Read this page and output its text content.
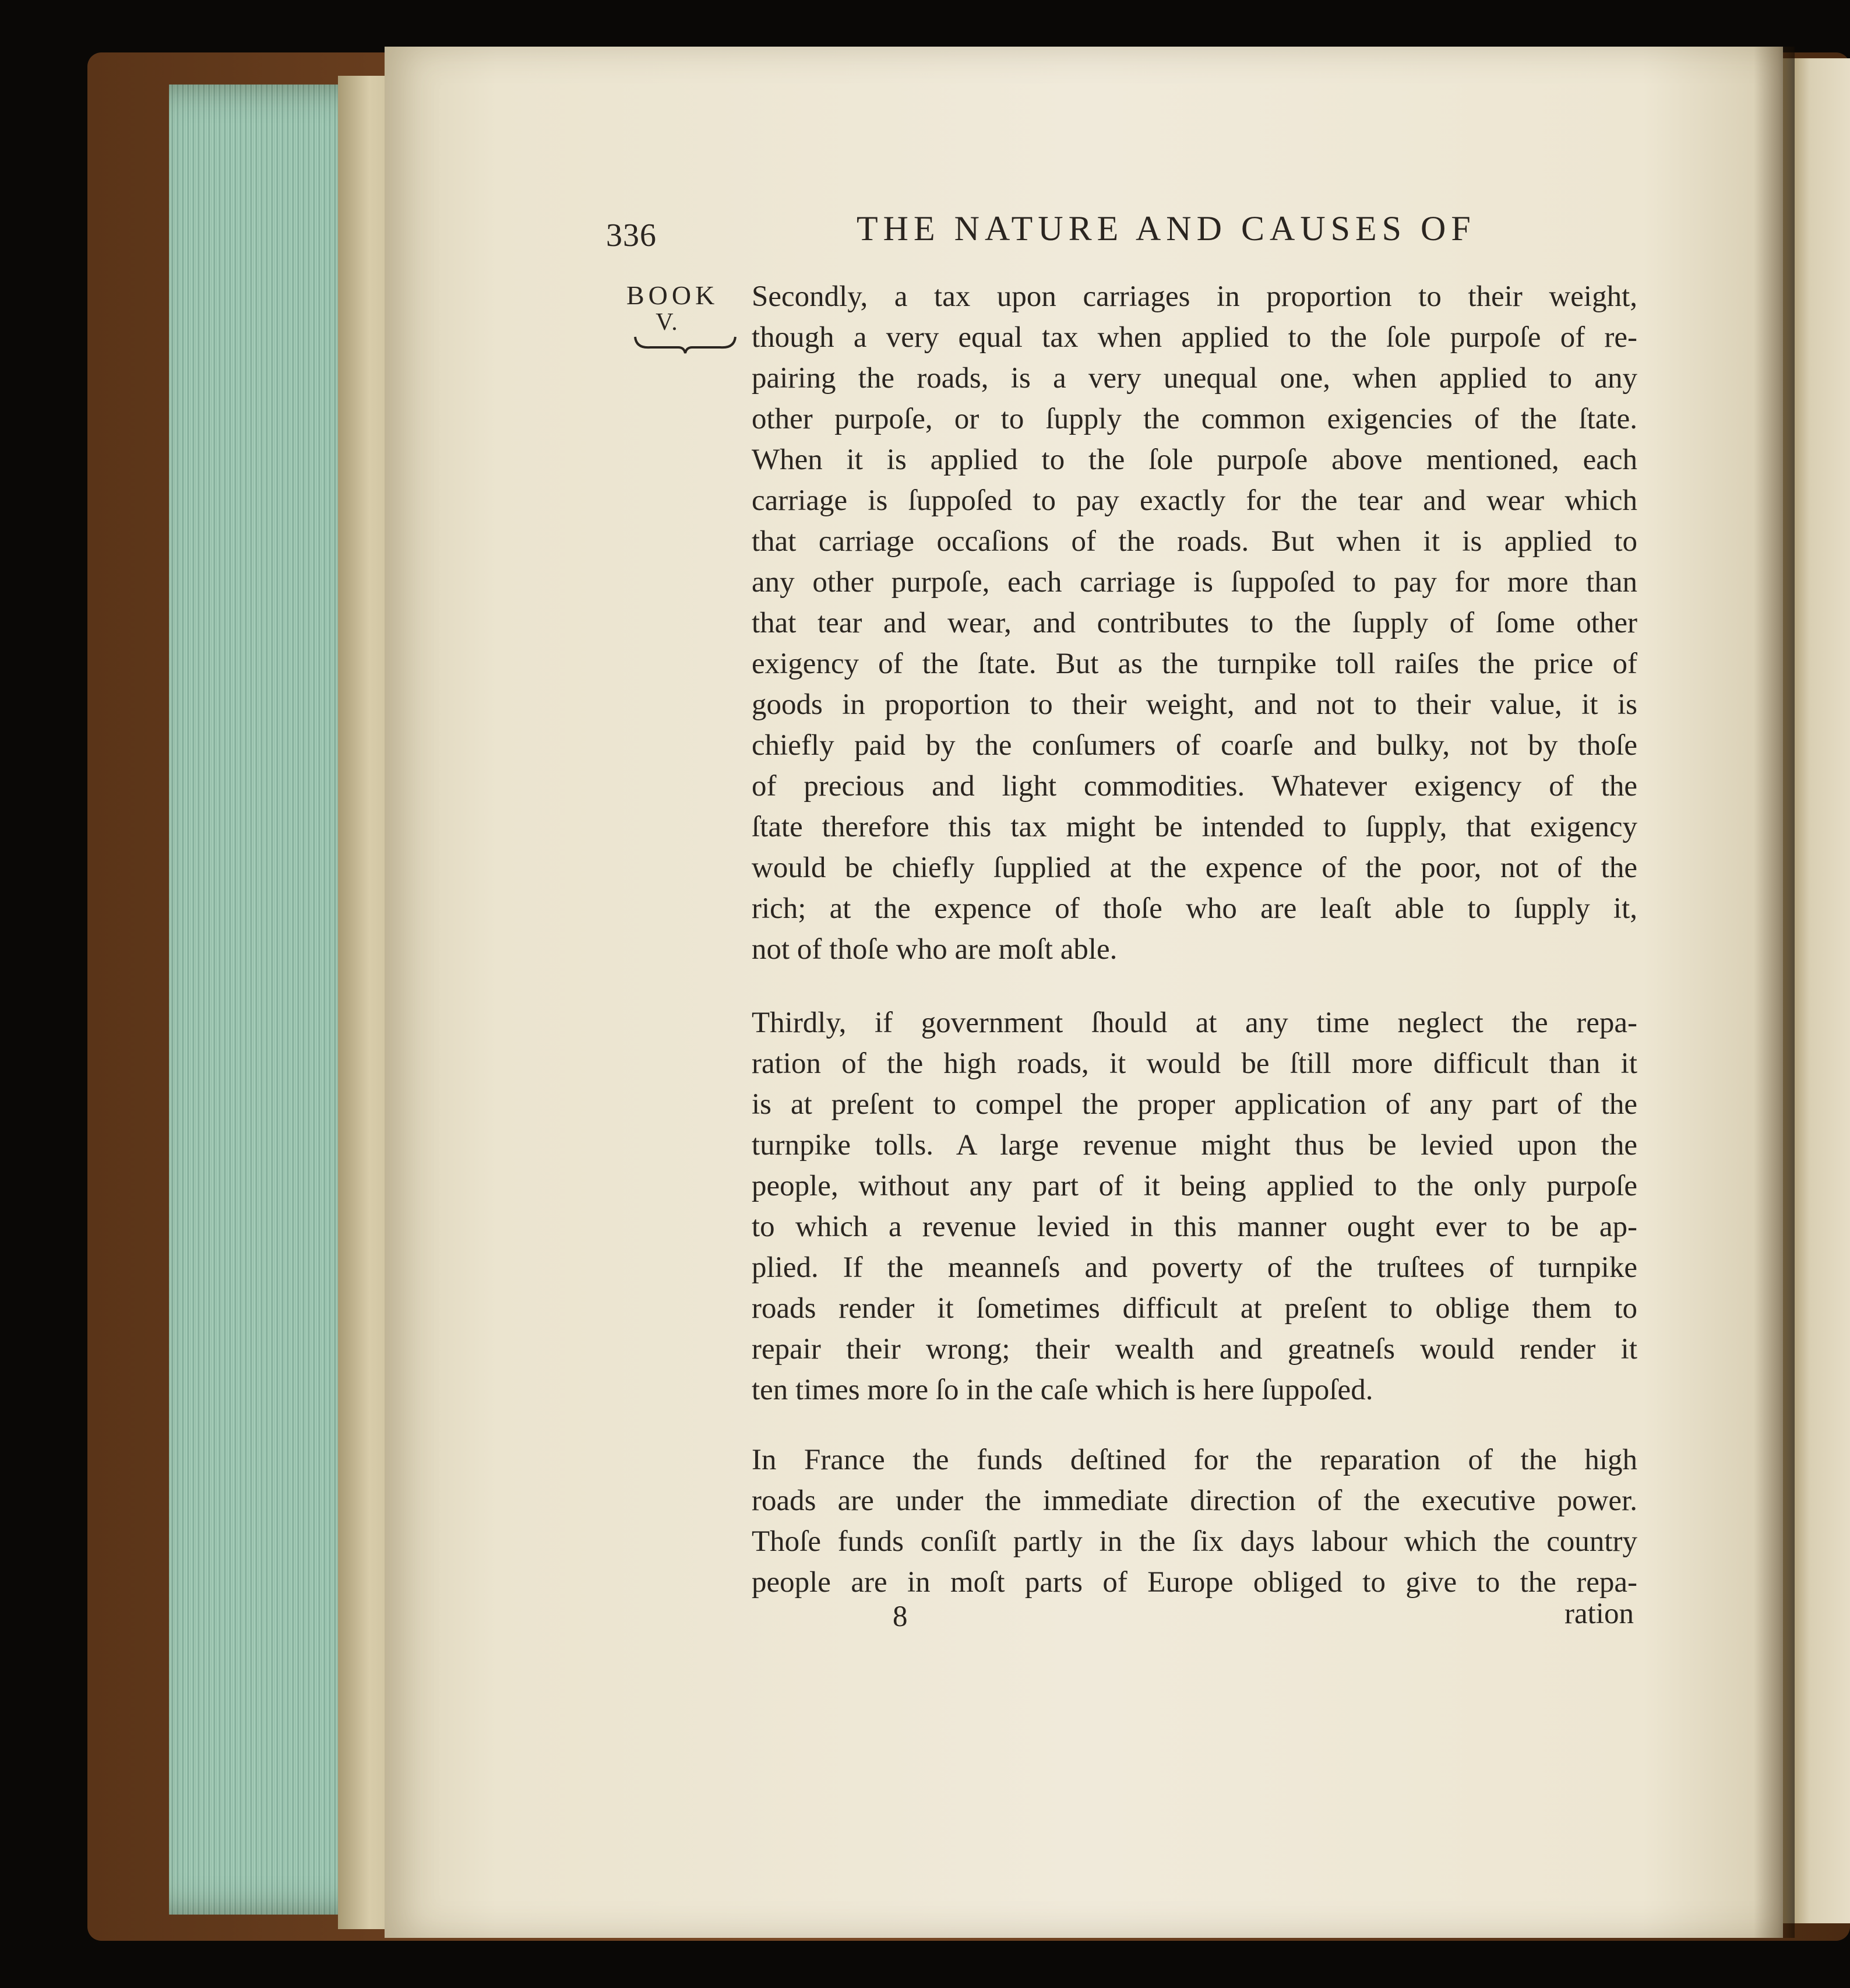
336	THE NATURE AND CAUSES OF
BOOK
V.
Secondly, a tax upon carriages in proportion to their weight,
though a very equal tax when applied to the ſole purpoſe of re-
pairing the roads, is a very unequal one, when applied to any
other purpoſe, or to ſupply the common exigencies of the ſtate.
When it is applied to the ſole purpoſe above mentioned, each
carriage is ſuppoſed to pay exactly for the tear and wear which
that carriage occaſions of the roads. But when it is applied to
any other purpoſe, each carriage is ſuppoſed to pay for more than
that tear and wear, and contributes to the ſupply of ſome other
exigency of the ſtate. But as the turnpike toll raiſes the price of
goods in proportion to their weight, and not to their value, it is
chiefly paid by the conſumers of coarſe and bulky, not by thoſe
of precious and light commodities. Whatever exigency of the
ſtate therefore this tax might be intended to ſupply, that exigency
would be chiefly ſupplied at the expence of the poor, not of the
rich; at the expence of thoſe who are leaſt able to ſupply it,
not of thoſe who are moſt able.
Thirdly, if government ſhould at any time neglect the repa-
ration of the high roads, it would be ſtill more difficult than it
is at preſent to compel the proper application of any part of the
turnpike tolls. A large revenue might thus be levied upon the
people, without any part of it being applied to the only purpoſe
to which a revenue levied in this manner ought ever to be ap-
plied. If the meanneſs and poverty of the truſtees of turnpike
roads render it ſometimes difficult at preſent to oblige them to
repair their wrong; their wealth and greatneſs would render it
ten times more ſo in the caſe which is here ſuppoſed.
In France the funds deſtined for the reparation of the high
roads are under the immediate direction of the executive power.
Thoſe funds conſiſt partly in the ſix days labour which the country
people are in moſt parts of Europe obliged to give to the repa-
8	ration
